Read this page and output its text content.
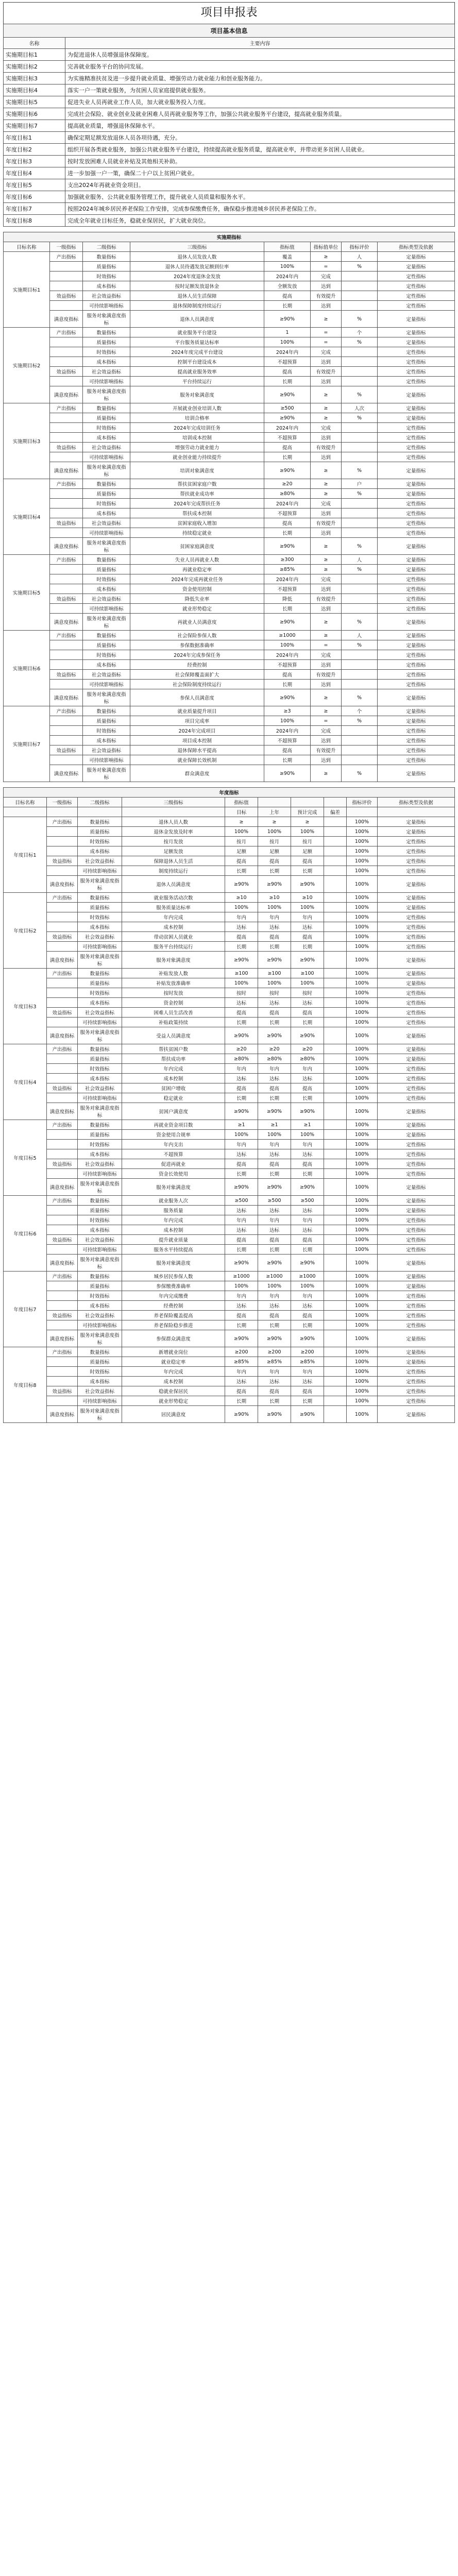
项目申报表
项目基本信息	
名称	主要内容
实施期目标1	为促进退休人员增强退休保障度。
实施期目标2	完善就业服务平台的协同发展。
实施期目标3	为实施精准扶贫及进一步提升就业质量、增强劳动力就业能力和创业服务能力。
实施期目标4	落实一户一策就业服务，为贫困人员家庭提供就业服务。
实施期目标5	促进失业人员再就业工作人员，加大就业服务投入力度。
实施期目标6	完成社会保险、就业创业及就业困难人员再就业服务等工作，加强公共就业服务平台建设，提高就业服务质量。
实施期目标7	提高就业质量，增强退休保障水平。
年度目标1	确保定期足额发放退休人员各项待遇，充分。
年度目标2	组织开展各类就业服务，加强公共就业服务平台建设，持续提高就业服务质量，提高就业率，并带动更多贫困人员就业。
年度目标3	按时发放困难人员就业补贴及其他相关补助。
年度目标4	进一步加强一户一策，确保二十户以上贫困户就业。
年度目标5	支出2024年再就业资金项目。
年度目标6	加强就业服务、公共就业服务管理工作，提升就业人员质量和服务水平。
年度目标7	按照2024年城乡居民养老保险工作安排，完成参保缴费任务，确保稳步推进城乡居民养老保险工作。
年度目标8	完成全年就业目标任务，稳就业保居民，扩大就业岗位。
实施期指标							
目标名称	一级指标	二级指标	三级指标	指标值	指标值单位	指标评价	指标类型及依据
实施期目标1	产出指标	数量指标	退休人员发放人数	覆盖	≥	人	定量指标
		质量指标	退休人员待遇发放足额到位率	100%	=	%	定量指标
		时效指标	2024年度退休金发放	2024年内	完成		定性指标
		成本指标	按时足额发放退休金	全额发放	达到		定性指标
	效益指标	社会效益指标	退休人员生活保障	提高	有效提升		定性指标
		可持续影响指标	退休保障制度持续运行	长期	达到		定性指标
	满意度指标	服务对象满意度指标	退休人员满意度	≥90%	≥	%	定量指标
实施期目标2	产出指标	数量指标	就业服务平台建设	1	=	个	定量指标
		质量指标	平台服务质量达标率	100%	=	%	定量指标
		时效指标	2024年度完成平台建设	2024年内	完成		定性指标
		成本指标	控制平台建设成本	不超预算	达到		定性指标
	效益指标	社会效益指标	提高就业服务效率	提高	有效提升		定性指标
		可持续影响指标	平台持续运行	长期	达到		定性指标
	满意度指标	服务对象满意度指标	服务对象满意度	≥90%	≥	%	定量指标
实施期目标3	产出指标	数量指标	开展就业创业培训人数	≥500	≥	人次	定量指标
		质量指标	培训合格率	≥90%	≥	%	定量指标
		时效指标	2024年完成培训任务	2024年内	完成		定性指标
		成本指标	培训成本控制	不超预算	达到		定性指标
	效益指标	社会效益指标	增强劳动力就业能力	提高	有效提升		定性指标
		可持续影响指标	就业创业能力持续提升	长期	达到		定性指标
	满意度指标	服务对象满意度指标	培训对象满意度	≥90%	≥	%	定量指标
实施期目标4	产出指标	数量指标	帮扶贫困家庭户数	≥20	≥	户	定量指标
		质量指标	帮扶就业成功率	≥80%	≥	%	定量指标
		时效指标	2024年完成帮扶任务	2024年内	完成		定性指标
		成本指标	帮扶成本控制	不超预算	达到		定性指标
	效益指标	社会效益指标	贫困家庭收入增加	提高	有效提升		定性指标
		可持续影响指标	持续稳定就业	长期	达到		定性指标
	满意度指标	服务对象满意度指标	贫困家庭满意度	≥90%	≥	%	定量指标
实施期目标5	产出指标	数量指标	失业人员再就业人数	≥300	≥	人	定量指标
		质量指标	再就业稳定率	≥85%	≥	%	定量指标
		时效指标	2024年完成再就业任务	2024年内	完成		定性指标
		成本指标	资金使用控制	不超预算	达到		定性指标
	效益指标	社会效益指标	降低失业率	降低	有效提升		定性指标
		可持续影响指标	就业形势稳定	长期	达到		定性指标
	满意度指标	服务对象满意度指标	再就业人员满意度	≥90%	≥	%	定量指标
实施期目标6	产出指标	数量指标	社会保险参保人数	≥1000	≥	人	定量指标
		质量指标	参保数据准确率	100%	=	%	定量指标
		时效指标	2024年完成参保任务	2024年内	完成		定性指标
		成本指标	经费控制	不超预算	达到		定性指标
	效益指标	社会效益指标	社会保障覆盖面扩大	提高	有效提升		定性指标
		可持续影响指标	社会保险制度持续运行	长期	达到		定性指标
	满意度指标	服务对象满意度指标	参保人员满意度	≥90%	≥	%	定量指标
实施期目标7	产出指标	数量指标	就业质量提升项目	≥3	≥	个	定量指标
		质量指标	项目完成率	100%	=	%	定量指标
		时效指标	2024年完成项目	2024年内	完成		定性指标
		成本指标	项目成本控制	不超预算	达到		定性指标
	效益指标	社会效益指标	退休保障水平提高	提高	有效提升		定性指标
		可持续影响指标	就业保障长效机制	长期	达到		定性指标
	满意度指标	服务对象满意度指标	群众满意度	≥90%	≥	%	定量指标
年度指标									
目标名称	一级指标	二级指标	三级指标	指标值				指标评价	指标类型及依据
				目标	上年	预计完成	偏差		
年度目标1	产出指标	数量指标	退休人员人数	≥	≥	≥		100%	定量指标
		质量指标	退休金发放及时率	100%	100%	100%		100%	定量指标
		时效指标	按月发放	按月	按月	按月		100%	定性指标
		成本指标	足额发放	足额	足额	足额		100%	定性指标
	效益指标	社会效益指标	保障退休人员生活	提高	提高	提高		100%	定性指标
		可持续影响指标	制度持续运行	长期	长期	长期		100%	定性指标
	满意度指标	服务对象满意度指标	退休人员满意度	≥90%	≥90%	≥90%		100%	定量指标
年度目标2	产出指标	数量指标	就业服务活动次数	≥10	≥10	≥10		100%	定量指标
		质量指标	服务质量达标率	100%	100%	100%		100%	定量指标
		时效指标	年内完成	年内	年内	年内		100%	定性指标
		成本指标	成本控制	达标	达标	达标		100%	定性指标
	效益指标	社会效益指标	带动贫困人员就业	提高	提高	提高		100%	定性指标
		可持续影响指标	服务平台持续运行	长期	长期	长期		100%	定性指标
	满意度指标	服务对象满意度指标	服务对象满意度	≥90%	≥90%	≥90%		100%	定量指标
年度目标3	产出指标	数量指标	补贴发放人数	≥100	≥100	≥100		100%	定量指标
		质量指标	补贴发放准确率	100%	100%	100%		100%	定量指标
		时效指标	按时发放	按时	按时	按时		100%	定性指标
		成本指标	资金控制	达标	达标	达标		100%	定性指标
	效益指标	社会效益指标	困难人员生活改善	提高	提高	提高		100%	定性指标
		可持续影响指标	补贴政策持续	长期	长期	长期		100%	定性指标
	满意度指标	服务对象满意度指标	受益人员满意度	≥90%	≥90%	≥90%		100%	定量指标
年度目标4	产出指标	数量指标	帮扶贫困户数	≥20	≥20	≥20		100%	定量指标
		质量指标	帮扶成功率	≥80%	≥80%	≥80%		100%	定量指标
		时效指标	年内完成	年内	年内	年内		100%	定性指标
		成本指标	成本控制	达标	达标	达标		100%	定性指标
	效益指标	社会效益指标	贫困户增收	提高	提高	提高		100%	定性指标
		可持续影响指标	稳定就业	长期	长期	长期		100%	定性指标
	满意度指标	服务对象满意度指标	贫困户满意度	≥90%	≥90%	≥90%		100%	定量指标
年度目标5	产出指标	数量指标	再就业资金项目数	≥1	≥1	≥1		100%	定量指标
		质量指标	资金使用合规率	100%	100%	100%		100%	定量指标
		时效指标	年内支出	年内	年内	年内		100%	定性指标
		成本指标	不超预算	达标	达标	达标		100%	定性指标
	效益指标	社会效益指标	促进再就业	提高	提高	提高		100%	定性指标
		可持续影响指标	资金长效使用	长期	长期	长期		100%	定性指标
	满意度指标	服务对象满意度指标	服务对象满意度	≥90%	≥90%	≥90%		100%	定量指标
年度目标6	产出指标	数量指标	就业服务人次	≥500	≥500	≥500		100%	定量指标
		质量指标	服务质量	达标	达标	达标		100%	定量指标
		时效指标	年内完成	年内	年内	年内		100%	定性指标
		成本指标	成本控制	达标	达标	达标		100%	定性指标
	效益指标	社会效益指标	提升就业质量	提高	提高	提高		100%	定性指标
		可持续影响指标	服务水平持续提高	长期	长期	长期		100%	定性指标
	满意度指标	服务对象满意度指标	服务对象满意度	≥90%	≥90%	≥90%		100%	定量指标
年度目标7	产出指标	数量指标	城乡居民参保人数	≥1000	≥1000	≥1000		100%	定量指标
		质量指标	参保缴费准确率	100%	100%	100%		100%	定量指标
		时效指标	年内完成缴费	年内	年内	年内		100%	定性指标
		成本指标	经费控制	达标	达标	达标		100%	定性指标
	效益指标	社会效益指标	养老保险覆盖提高	提高	提高	提高		100%	定性指标
		可持续影响指标	养老保险稳步推进	长期	长期	长期		100%	定性指标
	满意度指标	服务对象满意度指标	参保群众满意度	≥90%	≥90%	≥90%		100%	定量指标
年度目标8	产出指标	数量指标	新增就业岗位	≥200	≥200	≥200		100%	定量指标
		质量指标	就业稳定率	≥85%	≥85%	≥85%		100%	定量指标
		时效指标	年内完成	年内	年内	年内		100%	定性指标
		成本指标	成本控制	达标	达标	达标		100%	定性指标
	效益指标	社会效益指标	稳就业保居民	提高	提高	提高		100%	定性指标
		可持续影响指标	就业形势稳定	长期	长期	长期		100%	定性指标
	满意度指标	服务对象满意度指标	居民满意度	≥90%	≥90%	≥90%		100%	定量指标
